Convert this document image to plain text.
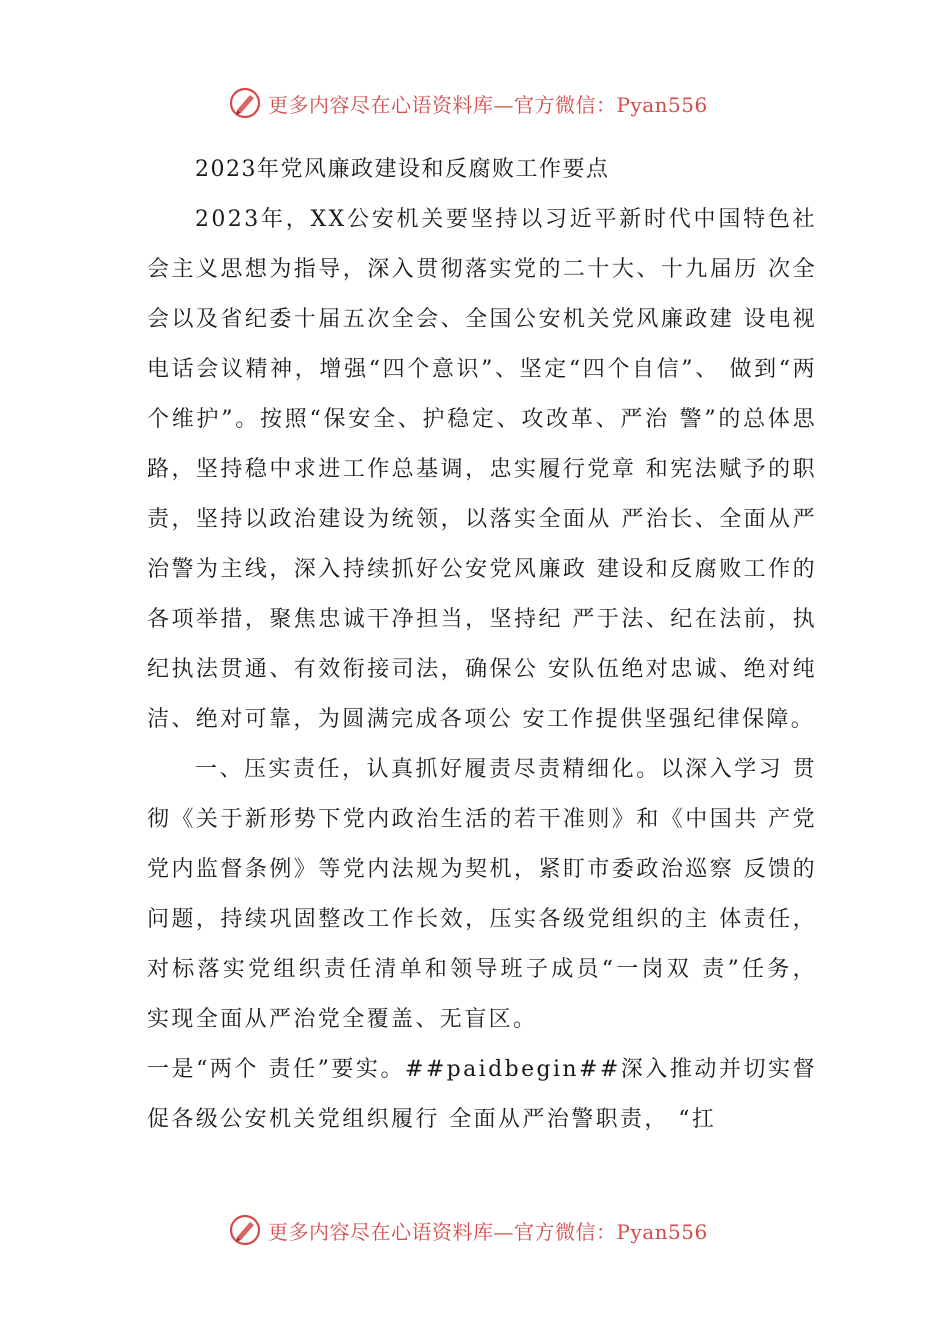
更多内容尽在心语资料库—官方微信：Pyan556

2023年党风廉政建设和反腐败工作要点

2023年，XX公安机关要坚持以习近平新时代中国特色社会主义思想为指导，深入贯彻落实党的二十大、十九届历 次全会以及省纪委十届五次全会、全国公安机关党风廉政建 设电视电话会议精神，增强“四个意识”、坚定“四个自信”、 做到“两个维护”。按照“保安全、护稳定、攻改革、严治 警”的总体思路，坚持稳中求进工作总基调，忠实履行党章 和宪法赋予的职责，坚持以政治建设为统领，以落实全面从 严治长、全面从严治警为主线，深入持续抓好公安党风廉政 建设和反腐败工作的各项举措，聚焦忠诚干净担当，坚持纪 严于法、纪在法前，执纪执法贯通、有效衔接司法，确保公 安队伍绝对忠诚、绝对纯洁、绝对可靠，为圆满完成各项公 安工作提供坚强纪律保障。

一、压实责任，认真抓好履责尽责精细化。以深入学习 贯彻《关于新形势下党内政治生活的若干准则》和《中国共 产党党内监督条例》等党内法规为契机，紧盯市委政治巡察 反馈的问题，持续巩固整改工作长效，压实各级党组织的主 体责任，对标落实党组织责任清单和领导班子成员“一岗双 责”任务，实现全面从严治党全覆盖、无盲区。

一是“两个 责任”要实。##paidbegin##深入推动并切实督促各级公安机关党组织履行 全面从严治警职责， “扛

更多内容尽在心语资料库—官方微信：Pyan556
